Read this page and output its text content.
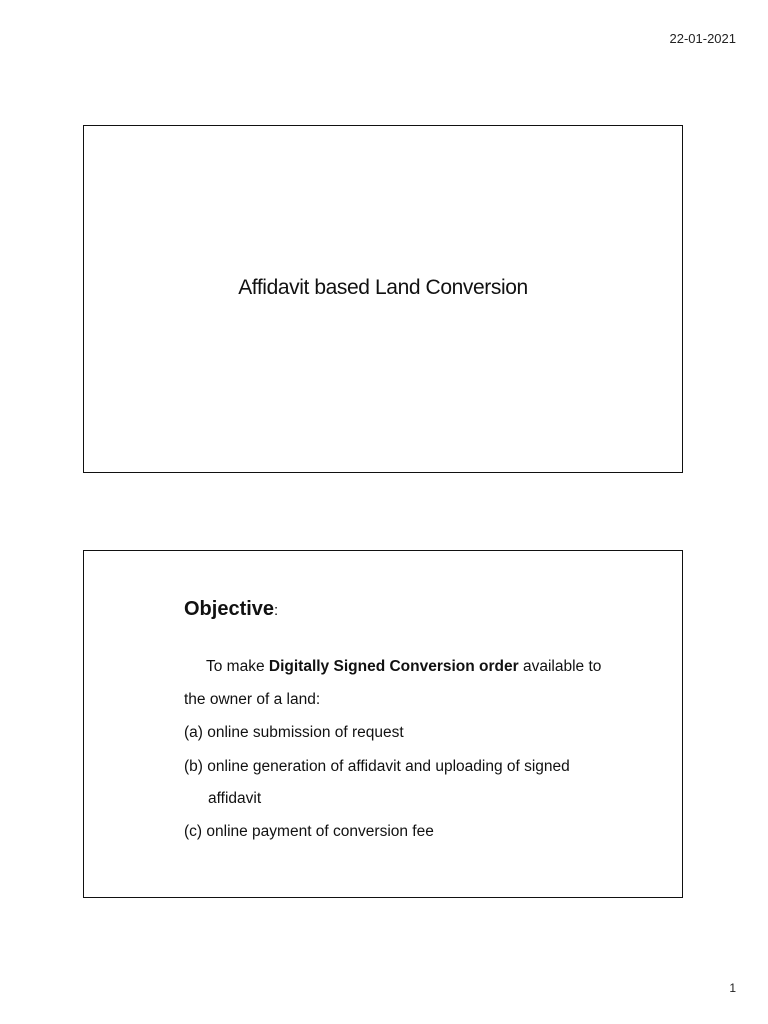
22-01-2021
Affidavit based Land Conversion
Objective:
To make Digitally Signed Conversion order available to
the owner of a land:
(a) online submission of request
(b) online generation of affidavit and uploading of signed
affidavit
(c) online payment of conversion fee
1
